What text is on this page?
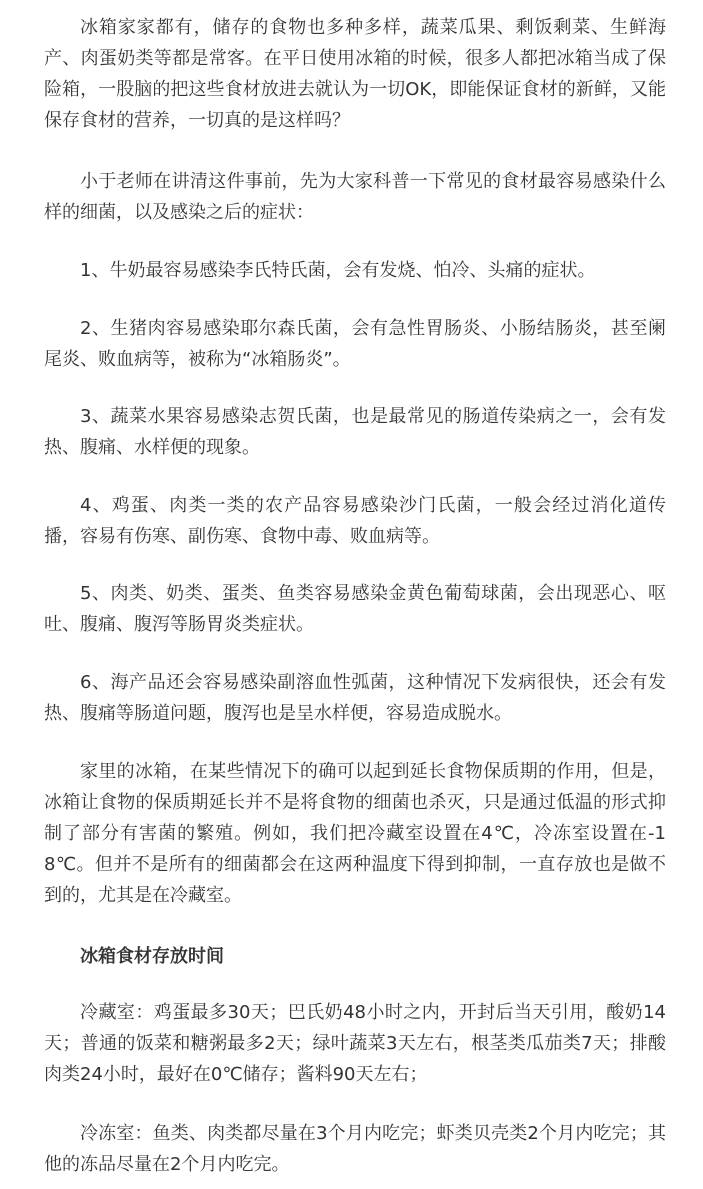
冰箱家家都有，储存的食物也多种多样，蔬菜瓜果、剩饭剩菜、生鲜海产、肉蛋奶类等都是常客。在平日使用冰箱的时候，很多人都把冰箱当成了保险箱，一股脑的把这些食材放进去就认为一切OK，即能保证食材的新鲜，又能保存食材的营养，一切真的是这样吗？

小于老师在讲清这件事前，先为大家科普一下常见的食材最容易感染什么样的细菌，以及感染之后的症状：

1、牛奶最容易感染李氏特氏菌，会有发烧、怕冷、头痛的症状。

2、生猪肉容易感染耶尔森氏菌，会有急性胃肠炎、小肠结肠炎，甚至阑尾炎、败血病等，被称为“冰箱肠炎”。

3、蔬菜水果容易感染志贺氏菌，也是最常见的肠道传染病之一，会有发热、腹痛、水样便的现象。

4、鸡蛋、肉类一类的农产品容易感染沙门氏菌，一般会经过消化道传播，容易有伤寒、副伤寒、食物中毒、败血病等。

5、肉类、奶类、蛋类、鱼类容易感染金黄色葡萄球菌，会出现恶心、呕吐、腹痛、腹泻等肠胃炎类症状。

6、海产品还会容易感染副溶血性弧菌，这种情况下发病很快，还会有发热、腹痛等肠道问题，腹泻也是呈水样便，容易造成脱水。

家里的冰箱，在某些情况下的确可以起到延长食物保质期的作用，但是，冰箱让食物的保质期延长并不是将食物的细菌也杀灭，只是通过低温的形式抑制了部分有害菌的繁殖。例如，我们把冷藏室设置在4℃，冷冻室设置在-18℃。但并不是所有的细菌都会在这两种温度下得到抑制，一直存放也是做不到的，尤其是在冷藏室。

冰箱食材存放时间

冷藏室：鸡蛋最多30天；巴氏奶48小时之内，开封后当天引用，酸奶14天；普通的饭菜和糖粥最多2天；绿叶蔬菜3天左右，根茎类瓜茄类7天；排酸肉类24小时，最好在0℃储存；酱料90天左右；

冷冻室：鱼类、肉类都尽量在3个月内吃完；虾类贝壳类2个月内吃完；其他的冻品尽量在2个月内吃完。
